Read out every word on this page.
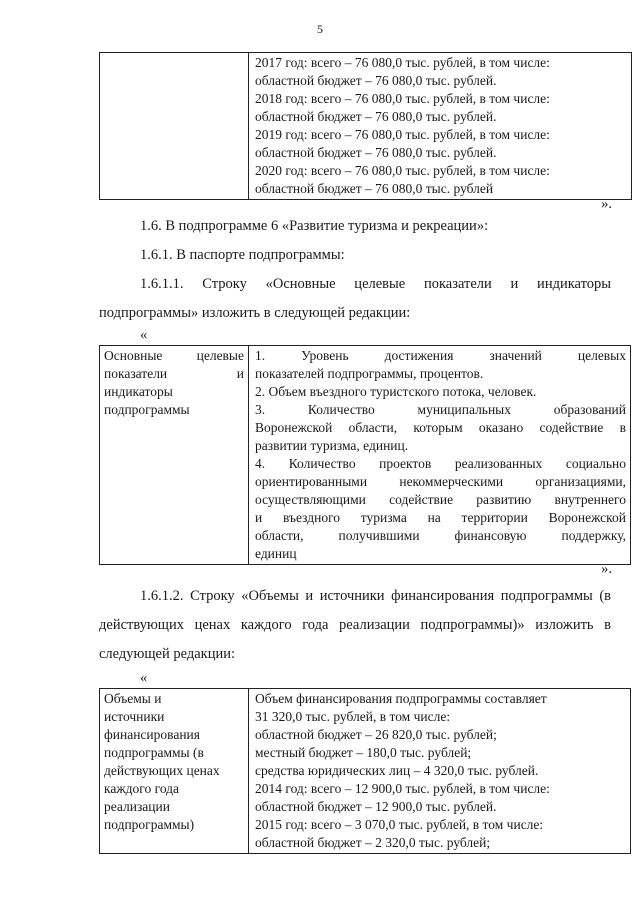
5

2017 год: всего – 76 080,0 тыс. рублей, в том числе:
областной бюджет – 76 080,0 тыс. рублей.
2018 год: всего – 76 080,0 тыс. рублей, в том числе:
областной бюджет – 76 080,0 тыс. рублей.
2019 год: всего – 76 080,0 тыс. рублей, в том числе:
областной бюджет – 76 080,0 тыс. рублей.
2020 год: всего – 76 080,0 тыс. рублей, в том числе:
областной бюджет – 76 080,0 тыс. рублей
».
1.6. В подпрограмме 6 «Развитие туризма и рекреации»:
1.6.1. В паспорте подпрограммы:
1.6.1.1. Строку «Основные целевые показатели и индикаторы
подпрограммы» изложить в следующей редакции:
«
Основные целевые
показатели и
индикаторы
подпрограммы

1. Уровень достижения значений целевых
показателей подпрограммы, процентов.
2. Объем въездного туристского потока, человек.
3. Количество муниципальных образований
Воронежской области, которым оказано содействие в
развитии туризма, единиц.
4. Количество проектов реализованных социально
ориентированными некоммерческими организациями,
осуществляющими содействие развитию внутреннего
и въездного туризма на территории Воронежской
области, получившими финансовую поддержку,
единиц
».
1.6.1.2. Строку «Объемы и источники финансирования подпрограммы (в
действующих ценах каждого года реализации подпрограммы)» изложить в
следующей редакции:
«
Объемы и
источники
финансирования
подпрограммы (в
действующих ценах
каждого года
реализации
подпрограммы)

Объем финансирования подпрограммы составляет
31 320,0 тыс. рублей, в том числе:
областной бюджет – 26 820,0 тыс. рублей;
местный бюджет – 180,0 тыс. рублей;
средства юридических лиц – 4 320,0 тыс. рублей.
2014 год: всего – 12 900,0 тыс. рублей, в том числе:
областной бюджет – 12 900,0 тыс. рублей.
2015 год: всего – 3 070,0 тыс. рублей, в том числе:
областной бюджет – 2 320,0 тыс. рублей;
